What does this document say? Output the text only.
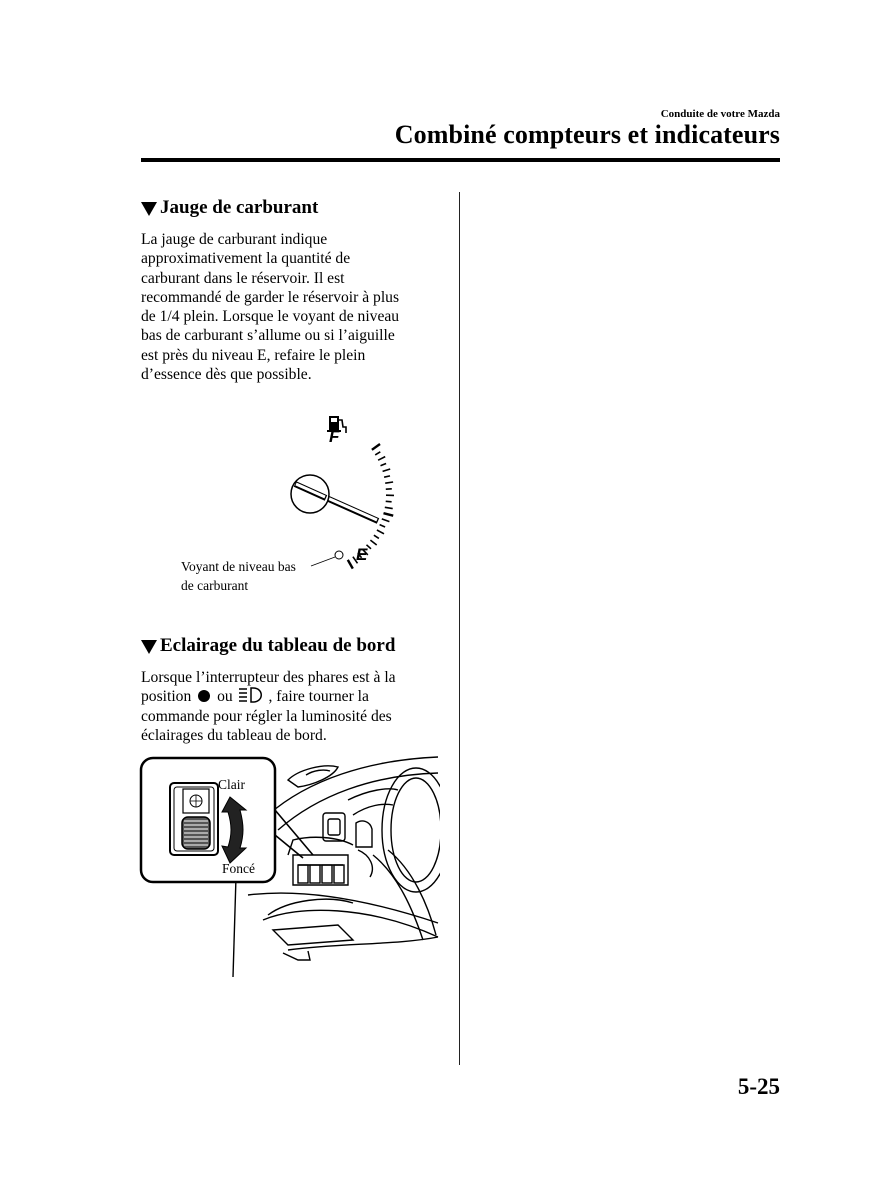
Conduite de votre Mazda
Combiné compteurs et indicateurs
Jauge de carburant

La jauge de carburant indique

approximativement la quantité de

carburant dans le réservoir. Il est

recommandé de garder le réservoir à plus

de 1/4 plein. Lorsque le voyant de niveau

bas de carburant s’allume ou si l’aiguille

est près du niveau E, refaire le plein

d’essence dès que possible.

F
E
Voyant de niveau bas
de carburant
Eclairage du tableau de bord

Lorsque l’interrupteur des phares est à la

position ou , faire tourner la

commande pour régler la luminosité des

éclairages du tableau de bord.

Clair
Foncé
5-25
